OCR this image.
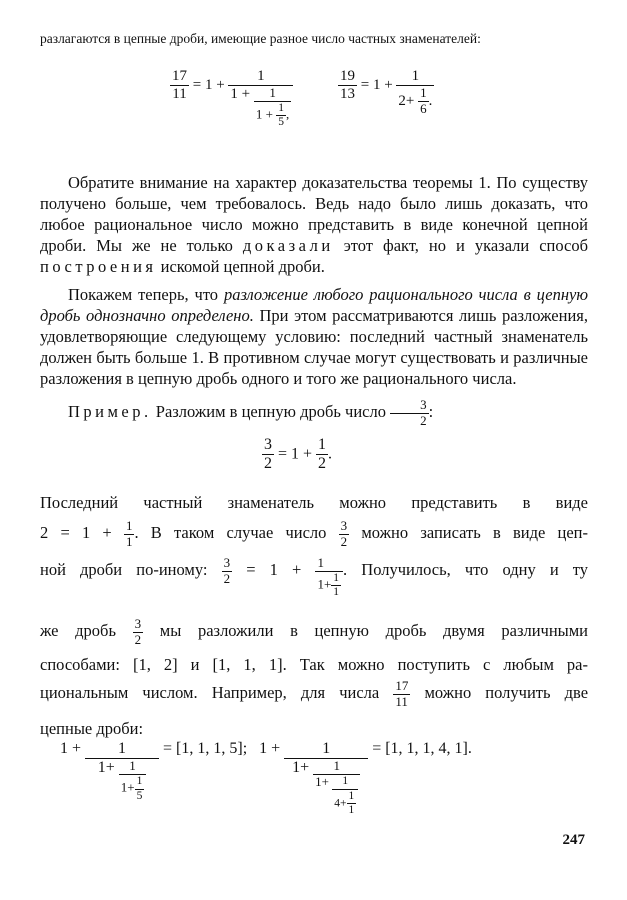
разлагаются в цепные дроби, имеющие разное число частных знаменателей:

$\frac{17}{11} = 1$ +
1
$1 + \frac{1}{1 + \frac{1}{5} ,}$
$\frac{19}{13} = 1 + \frac{1}{2+ \frac{1}{6} .}$

Обратите внимание на характер доказательства теоремы 1. По существу получено больше, чем требовалось. Ведь надо было лишь доказать, что любое рациональное число можно представить в виде конечной цепной дроби. Мы же не только доказали этот факт, но и указали способ построения искомой цепной дроби.

Покажем теперь, что разложение любого рационального числа в цепную дробь однозначно определено. При этом рассматриваются лишь разложения, удовлетворяющие следующему условию: последний частный знаменатель должен быть больше 1. В противном случае могут существовать и различные разложения в цепную дробь одного и того же рационального числа.

Пример. Разложим в цепную дробь число $\frac{3}{2}$ :

$\frac{3}{2} = 1 + \frac{1}{2}$ .

Последний частный знаменатель можно представить в виде

$2 = 1 + \frac{1}{1}$ . В таком случае число $\frac{3}{2}$ можно записать в виде цеп-

ной дроби по-иному: $\frac{3}{2} = 1 + \frac{1}{1+ \frac{1}{1}}$ . Получилось, что одну и ту

же дробь $\frac{3}{2}$ мы разложили в цепную дробь двумя различными

способами: [1, 2] и [1, 1, 1]. Так можно поступить с любым ра-

циональным числом. Например, для числа $\frac{17}{11}$ можно получить две

цепные дроби:

$1 + \frac{1}{1+ \frac{1}{1+ \frac{1}{5}}} = [1$, 1, 1, 5]; 1 +	1
$1+ \frac{1}{1+ \frac{1}{4+ \frac{1}{1}}}$
= [1, 1, 1, 4, 1].
247
